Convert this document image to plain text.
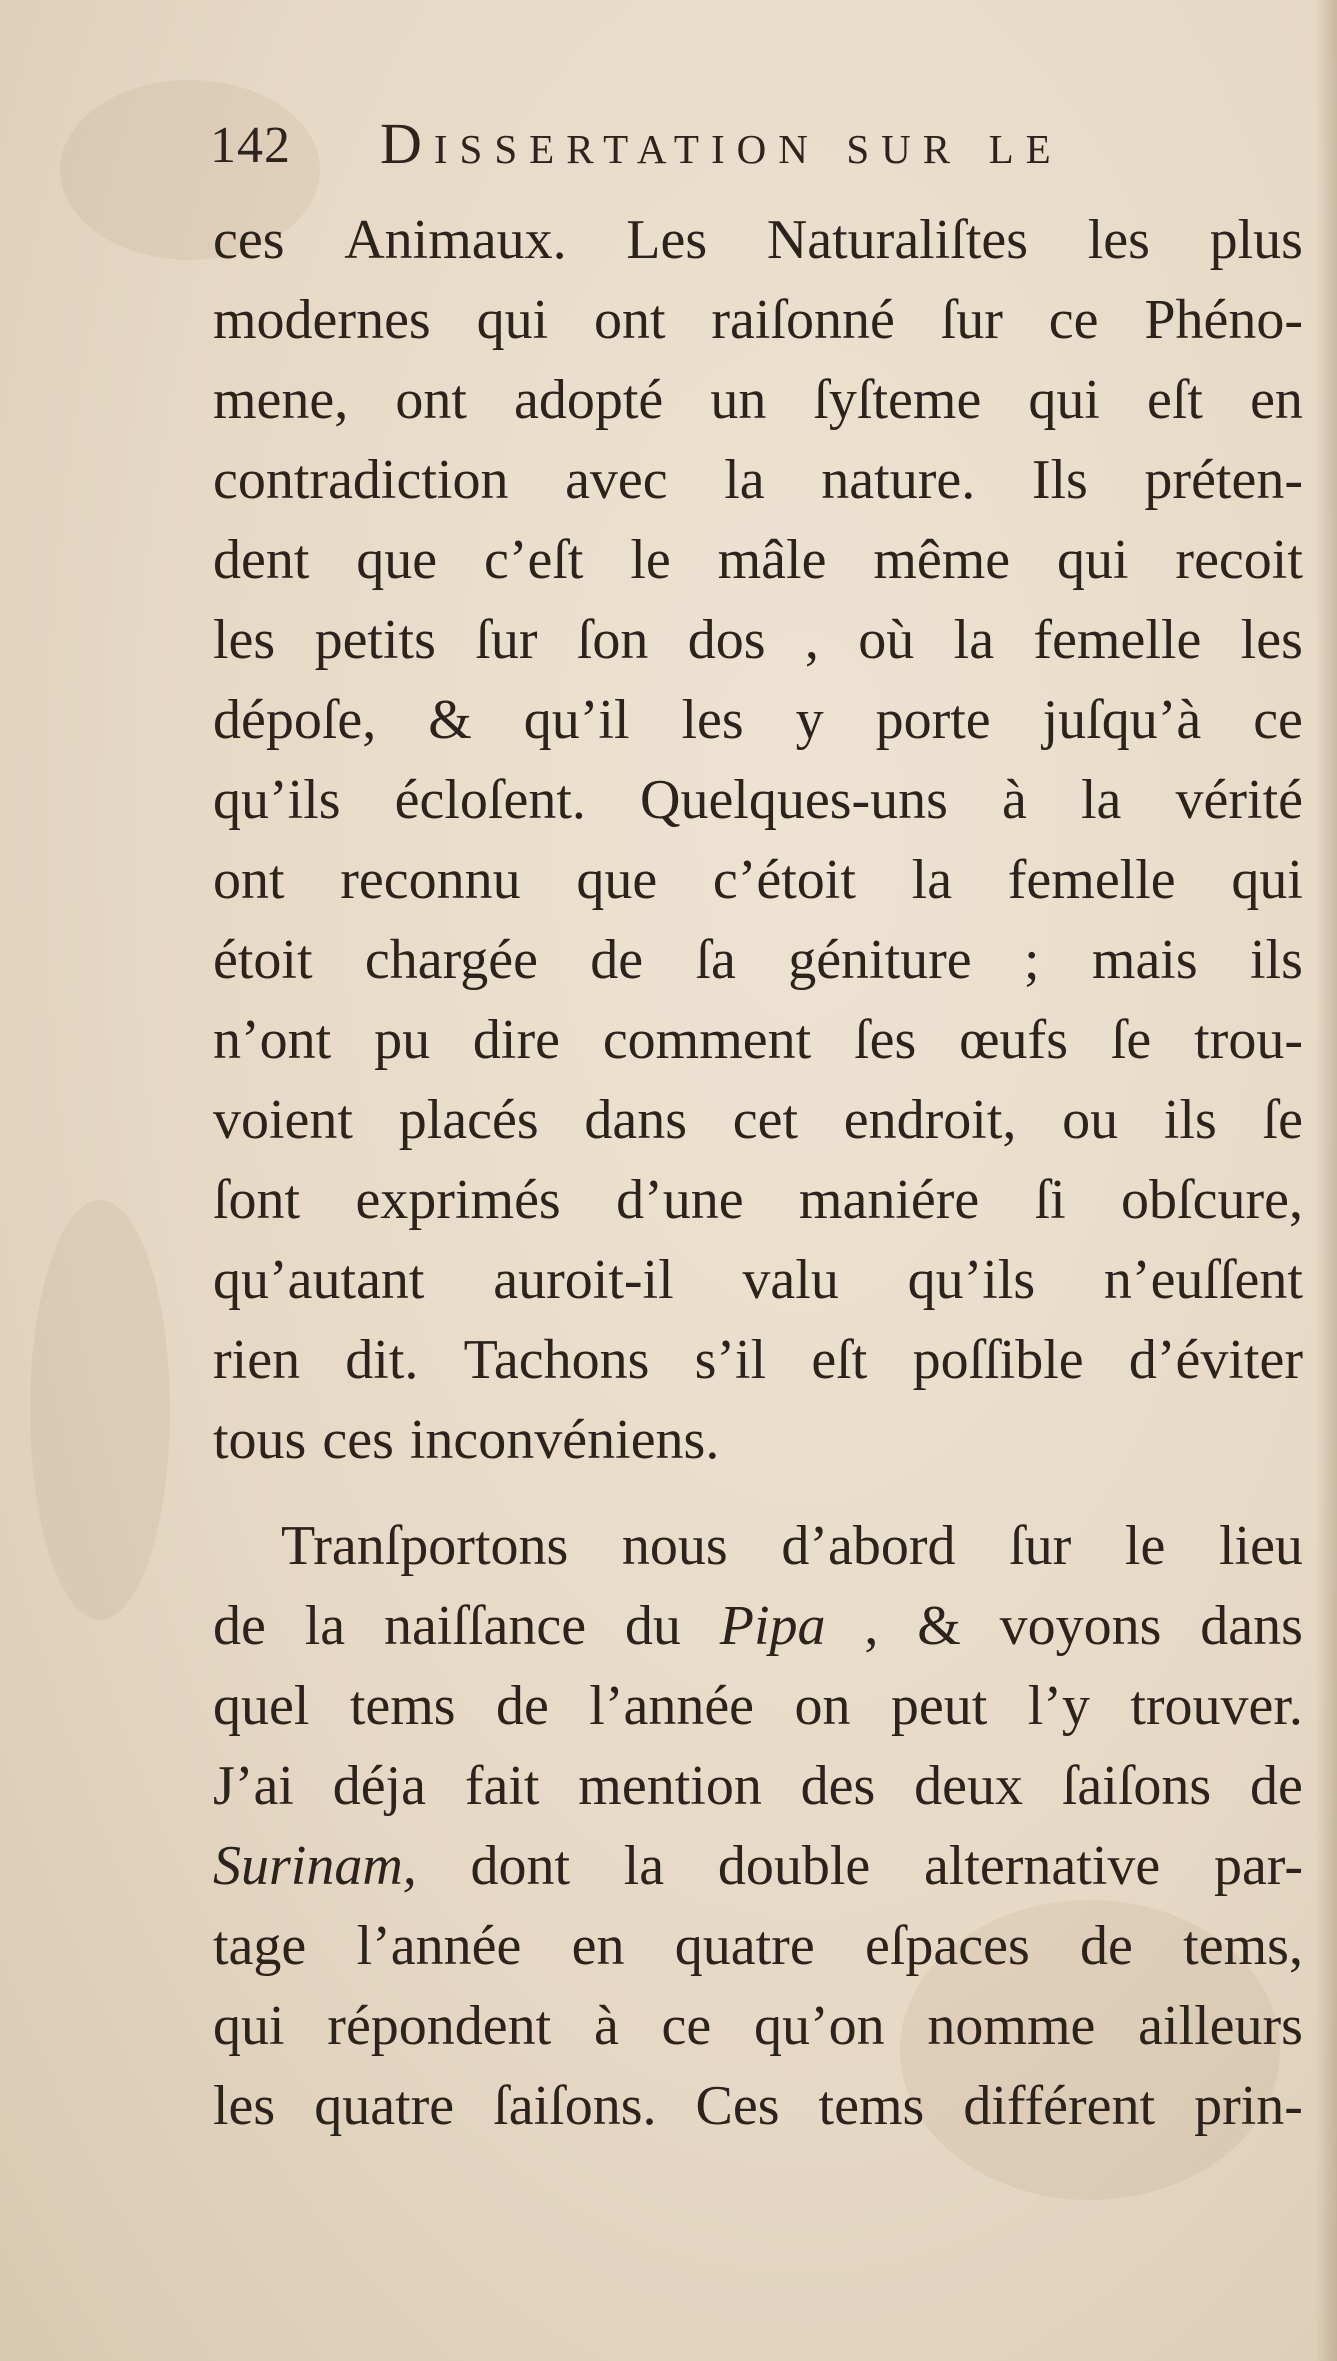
142 Dissertation sur le
ces Animaux. Les Naturaliſtes les plus
modernes qui ont raiſonné ſur ce Phéno-
mene, ont adopté un ſyſteme qui eſt en
contradiction avec la nature. Ils préten-
dent que c’eſt le mâle même qui recoit
les petits ſur ſon dos , où la femelle les
dépoſe, & qu’il les y porte juſqu’à ce
qu’ils écloſent. Quelques-uns à la vérité
ont reconnu que c’étoit la femelle qui
étoit chargée de ſa géniture ; mais ils
n’ont pu dire comment ſes œufs ſe trou-
voient placés dans cet endroit, ou ils ſe
ſont exprimés d’une maniére ſi obſcure,
qu’autant auroit-il valu qu’ils n’euſſent
rien dit. Tachons s’il eſt poſſible d’éviter
tous ces inconvéniens.
Tranſportons nous d’abord ſur le lieu
de la naiſſance du Pipa , & voyons dans
quel tems de l’année on peut l’y trouver.
J’ai déja fait mention des deux ſaiſons de
Surinam, dont la double alternative par-
tage l’année en quatre eſpaces de tems,
qui répondent à ce qu’on nomme ailleurs
les quatre ſaiſons. Ces tems différent prin-
